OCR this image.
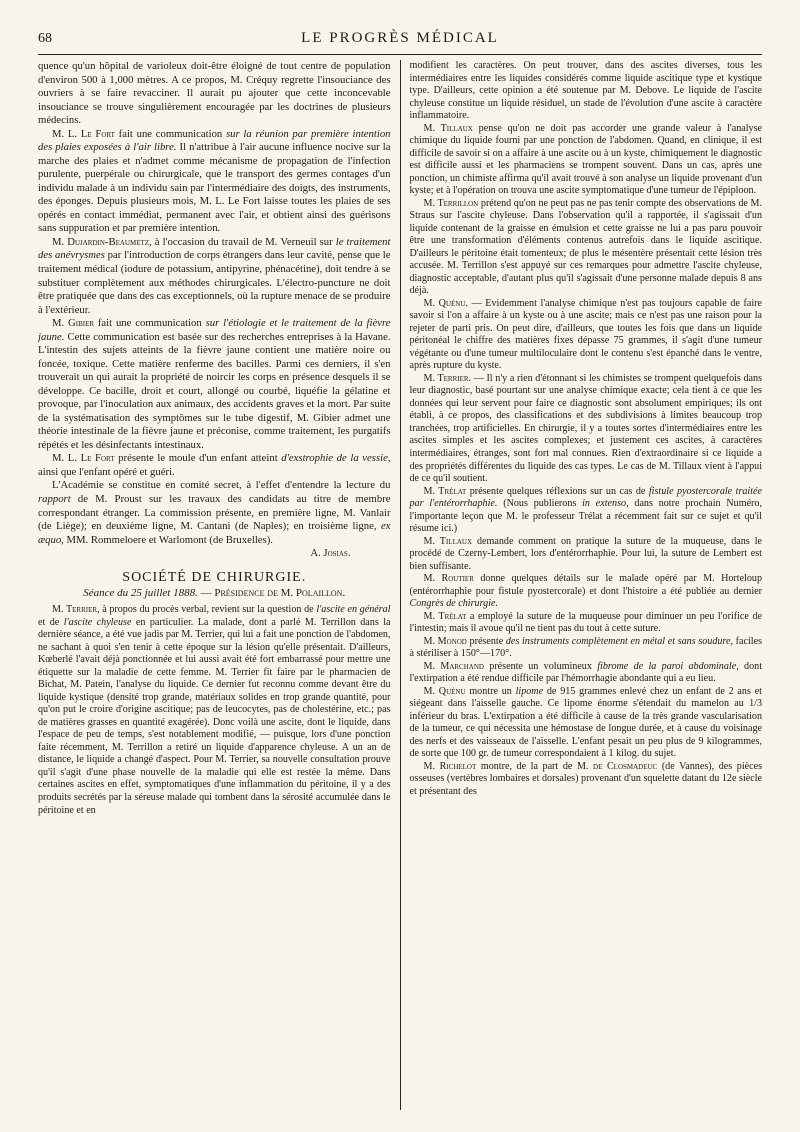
68	LE PROGRÈS MÉDICAL

quence qu'un hôpital de varioleux doit-être éloigné de tout centre de population d'environ 500 à 1,000 mètres. A ce propos, M. Créquy regrette l'insouciance des ouvriers à se faire revacciner. Il aurait pu ajouter que cette inconcevable insouciance se trouve singulièrement encouragée par les doctrines de plusieurs médecins.

M. L. Le Fort fait une communication sur la réunion par première intention des plaies exposées à l'air libre. Il n'attribue à l'air aucune influence nocive sur la marche des plaies et n'admet comme mécanisme de propagation de l'infection purulente, puerpérale ou chirurgicale, que le transport des germes contages d'un individu malade à un individu sain par l'intermédiaire des doigts, des instruments, des éponges. Depuis plusieurs mois, M. L. Le Fort laisse toutes les plaies de ses opérés en contact immédiat, permanent avec l'air, et obtient ainsi des guérisons sans suppuration et par première intention.

M. Dujardin-Beaumetz, à l'occasion du travail de M. Verneuil sur le traitement des anévrysmes par l'introduction de corps étrangers dans leur cavité, pense que le traitement médical (iodure de potassium, antipyrine, phénacétine), doit tendre à se substituer complètement aux méthodes chirurgicales. L'électro-puncture ne doit être pratiquée que dans des cas exceptionnels, où la rupture menace de se produire à l'extérieur.

M. Gibier fait une communication sur l'étiologie et le traitement de la fièvre jaune. Cette communication est basée sur des recherches entreprises à la Havane. L'intestin des sujets atteints de la fièvre jaune contient une matière noire ou foncée, toxique. Cette matière renferme des bacilles. Parmi ces derniers, il s'en trouverait un qui aurait la propriété de noircir les corps en présence desquels il se développe. Ce bacille, droit et court, allongé ou courbé, liquéfie la gélatine et provoque, par l'inoculation aux animaux, des accidents graves et la mort. Par suite de la systématisation des symptômes sur le tube digestif, M. Gibier admet une théorie intestinale de la fièvre jaune et préconise, comme traitement, les purgatifs répétés et les désinfectants intestinaux.

M. L. Le Fort présente le moule d'un enfant atteint d'exstrophie de la vessie, ainsi que l'enfant opéré et guéri.

L'Académie se constitue en comité secret, à l'effet d'entendre la lecture du rapport de M. Proust sur les travaux des candidats au titre de membre correspondant étranger. La commission présente, en première ligne, M. Vanlair (de Liège); en deuxième ligne, M. Cantani (de Naples); en troisième ligne, ex æquo, MM. Rommeloere et Warlomont (de Bruxelles).

A. Josias.

SOCIÉTÉ DE CHIRURGIE.
Séance du 25 juillet 1888. — Présidence de M. Polaillon.

M. Terrier, à propos du procès verbal, revient sur la question de l'ascite en général et de l'ascite chyleuse en particulier. La malade, dont a parlé M. Terrillon dans la dernière séance, a été vue jadis par M. Terrier, qui lui a fait une ponction de l'abdomen, ne sachant à quoi s'en tenir à cette époque sur la lésion qu'elle présentait. D'ailleurs, Kœberlé l'avait déjà ponctionnée et lui aussi avait été fort embarrassé pour mettre une étiquette sur la maladie de cette femme. M. Terrier fit faire par le pharmacien de Bichat, M. Patein, l'analyse du liquide. Ce dernier fut reconnu comme devant être du liquide kystique (densité trop grande, matériaux solides en trop grande quantité, pour qu'on put le croire d'origine ascitique; pas de leucocytes, pas de cholestérine, etc.; pas de matières grasses en quantité exagérée). Donc voilà une ascite, dont le liquide, dans l'espace de peu de temps, s'est notablement modifié, — puisque, lors d'une ponction faite récemment, M. Terrillon a retiré un liquide d'apparence chyleuse. A un an de distance, le liquide a changé d'aspect. Pour M. Terrier, sa nouvelle consultation prouve qu'il s'agit d'une phase nouvelle de la maladie qui elle est restée la même. Dans certaines ascites en effet, symptomatiques d'une inflammation du péritoine, il y a des produits secrétés par la séreuse malade qui tombent dans la sérosité accumulée dans le péritoine et en

modifient les caractères. On peut trouver, dans des ascites diverses, tous les intermédiaires entre les liquides considérés comme liquide ascitique type et kystique type. D'ailleurs, cette opinion a été soutenue par M. Debove. Le liquide de l'ascite chyleuse constitue un liquide résiduel, un stade de l'évolution d'une ascite à caractère inflammatoire.

M. Tillaux pense qu'on ne doit pas accorder une grande valeur à l'analyse chimique du liquide fourni par une ponction de l'abdomen. Quand, en clinique, il est difficile de savoir si on a affaire à une ascite ou à un kyste, chimiquement le diagnostic est difficile aussi et les pharmaciens se trompent souvent. Dans un cas, après une ponction, un chimiste affirma qu'il avait trouvé à son analyse un liquide provenant d'un kyste; et à l'opération on trouva une ascite symptomatique d'une tumeur de l'épiploon.

M. Terrillon prétend qu'on ne peut pas ne pas tenir compte des observations de M. Straus sur l'ascite chyleuse. Dans l'observation qu'il a rapportée, il s'agissait d'un liquide contenant de la graisse en émulsion et cette graisse ne lui a pas paru pouvoir être une transformation d'éléments contenus autrefois dans le liquide ascitique. D'ailleurs le péritoine était tomenteux; de plus le mésentère présentait cette lésion très accusée. M. Terrillon s'est appuyé sur ces remarques pour admettre l'ascite chyleuse, diagnostic acceptable, d'autant plus qu'il s'agissait d'une personne malade depuis 8 ans déjà.

M. Quénu. — Evidemment l'analyse chimique n'est pas toujours capable de faire savoir si l'on a affaire à un kyste ou à une ascite; mais ce n'est pas une raison pour la rejeter de parti pris. On peut dire, d'ailleurs, que toutes les fois que dans un liquide péritonéal le chiffre des matières fixes dépasse 75 grammes, il s'agit d'une tumeur végétante ou d'une tumeur multiloculaire dont le contenu s'est épanché dans le ventre, après rupture du kyste.

M. Terrier. — Il n'y a rien d'étonnant si les chimistes se trompent quelquefois dans leur diagnostic, basé pourtant sur une analyse chimique exacte; cela tient à ce que les données qui leur servent pour faire ce diagnostic sont absolument empiriques; ils ont établi, à ce propos, des classifications et des subdivisions à limites beaucoup trop tranchées, trop artificielles. En chirurgie, il y a toutes sortes d'intermédiaires entre les ascites simples et les ascites complexes; et justement ces ascites, à caractères intermédiaires, étranges, sont fort mal connues. Rien d'extraordinaire si ce liquide a des propriétés différentes du liquide des cas types. Le cas de M. Tillaux vient à l'appui de ce qu'il soutient.

M. Trélat présente quelques réflexions sur un cas de fistule pyostercorale traitée par l'entérorrhaphie. (Nous publierons in extenso, dans notre prochain Numéro, l'importante leçon que M. le professeur Trélat a récemment fait sur ce sujet et qu'il résume ici.)

M. Tillaux demande comment on pratique la suture de la muqueuse, dans le procédé de Czerny-Lembert, lors d'entérorrhaphie. Pour lui, la suture de Lembert est bien suffisante.

M. Routier donne quelques détails sur le malade opéré par M. Horteloup (entérorrhaphie pour fistule pyostercorale) et dont l'histoire a été publiée au dernier Congrès de chirurgie.

M. Trélat a employé la suture de la muqueuse pour diminuer un peu l'orifice de l'intestin; mais il avoue qu'il ne tient pas du tout à cette suture.

M. Monod présente des instruments complètement en métal et sans soudure, faciles à stériliser à 150°—170°.

M. Marchand présente un volumineux fibrome de la paroi abdominale, dont l'extirpation a été rendue difficile par l'hémorrhagie abondante qui a eu lieu.

M. Quénu montre un lipome de 915 grammes enlevé chez un enfant de 2 ans et siégeant dans l'aisselle gauche. Ce lipome énorme s'étendait du mamelon au 1/3 inférieur du bras. L'extirpation a été difficile à cause de la très grande vascularisation de la tumeur, ce qui nécessita une hémostase de longue durée, et à cause du voisinage des nerfs et des vaisseaux de l'aisselle. L'enfant pesait un peu plus de 9 kilogrammes, de sorte que 100 gr. de tumeur correspondaient à 1 kilog. du sujet.

M. Richelot montre, de la part de M. de Closmadeuc (de Vannes), des pièces osseuses (vertèbres lombaires et dorsales) provenant d'un squelette datant du 12e siècle et présentant des
